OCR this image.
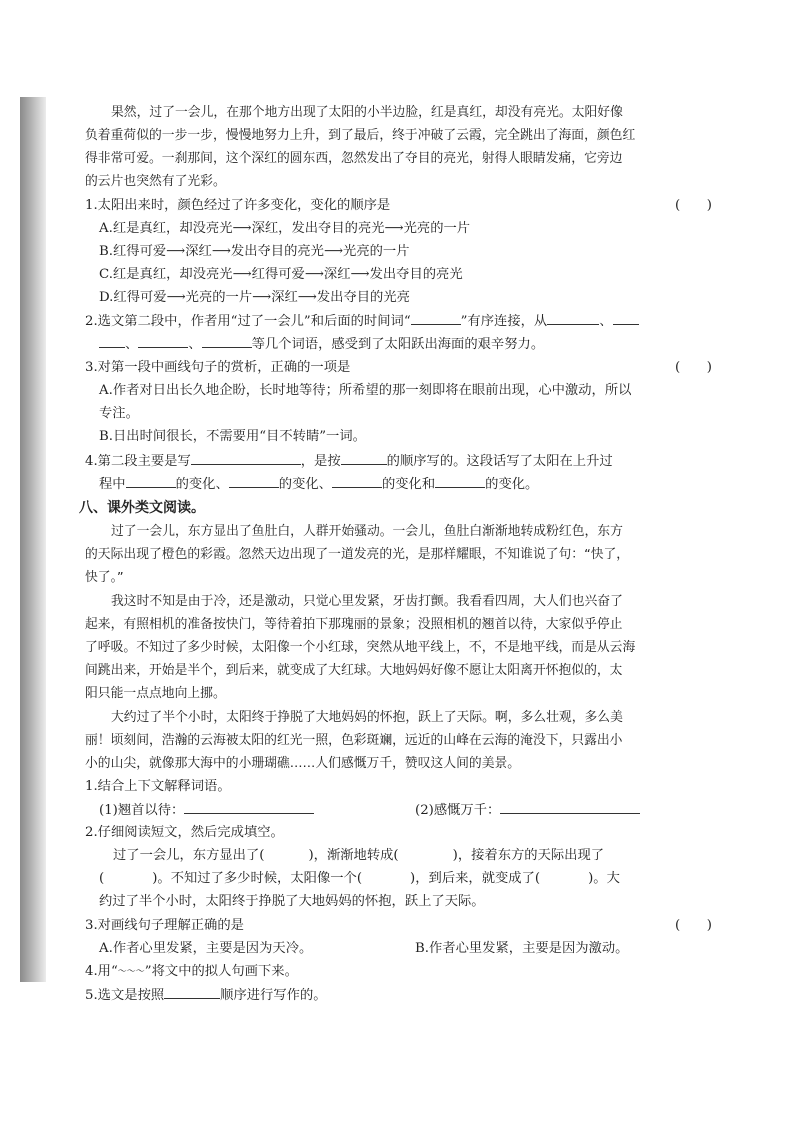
果然，过了一会儿，在那个地方出现了太阳的小半边脸，红是真红，却没有亮光。太阳好像
负着重荷似的一步一步，慢慢地努力上升，到了最后，终于冲破了云霞，完全跳出了海面，颜色红
得非常可爱。一刹那间，这个深红的圆东西，忽然发出了夺目的亮光，射得人眼睛发痛，它旁边
的云片也突然有了光彩。
1.太阳出来时，颜色经过了许多变化，变化的顺序是	(　　)
A.红是真红，却没亮光⟶深红，发出夺目的亮光⟶光亮的一片
B.红得可爱⟶深红⟶发出夺目的亮光⟶光亮的一片
C.红是真红，却没亮光⟶红得可爱⟶深红⟶发出夺目的亮光
D.红得可爱⟶光亮的一片⟶深红⟶发出夺目的光亮
2.选文第二段中，作者用“过了一会儿”和后面的时间词“	”有序连接，从	、
、	、	等几个词语，感受到了太阳跃出海面的艰辛努力。
3.对第一段中画线句子的赏析，正确的一项是	(　　)
A.作者对日出长久地企盼，长时地等待；所希望的那一刻即将在眼前出现，心中激动，所以
专注。
B.日出时间很长，不需要用“目不转睛”一词。
4.第二段主要是写	，是按	的顺序写的。这段话写了太阳在上升过
程中	的变化、	的变化、	的变化和	的变化。
八、课外类文阅读。
过了一会儿，东方显出了鱼肚白，人群开始骚动。一会儿，鱼肚白渐渐地转成粉红色，东方
的天际出现了橙色的彩霞。忽然天边出现了一道发亮的光，是那样耀眼，不知谁说了句：“快了，
快了。”
我这时不知是由于冷，还是激动，只觉心里发紧，牙齿打颤。我看看四周，大人们也兴奋了
起来，有照相机的准备按快门，等待着拍下那瑰丽的景象；没照相机的翘首以待，大家似乎停止
了呼吸。不知过了多少时候，太阳像一个小红球，突然从地平线上，不，不是地平线，而是从云海
间跳出来，开始是半个，到后来，就变成了大红球。大地妈妈好像不愿让太阳离开怀抱似的，太
阳只能一点点地向上挪。
大约过了半个小时，太阳终于挣脱了大地妈妈的怀抱，跃上了天际。啊，多么壮观，多么美
丽！顷刻间，浩瀚的云海被太阳的红光一照，色彩斑斓，远近的山峰在云海的淹没下，只露出小
小的山尖，就像那大海中的小珊瑚礁……人们感慨万千，赞叹这人间的美景。
1.结合上下文解释词语。
(1)翘首以待：	(2)感慨万千：
2.仔细阅读短文，然后完成填空。
过了一会儿，东方显出了(	)，渐渐地转成(	)，接着东方的天际出现了
(	)。不知过了多少时候，太阳像一个(	)，到后来，就变成了(	)。大
约过了半个小时，太阳终于挣脱了大地妈妈的怀抱，跃上了天际。
3.对画线句子理解正确的是	(　　)
A.作者心里发紧，主要是因为天冷。	B.作者心里发紧，主要是因为激动。
4.用“～～～”将文中的拟人句画下来。
5.选文是按照	顺序进行写作的。
